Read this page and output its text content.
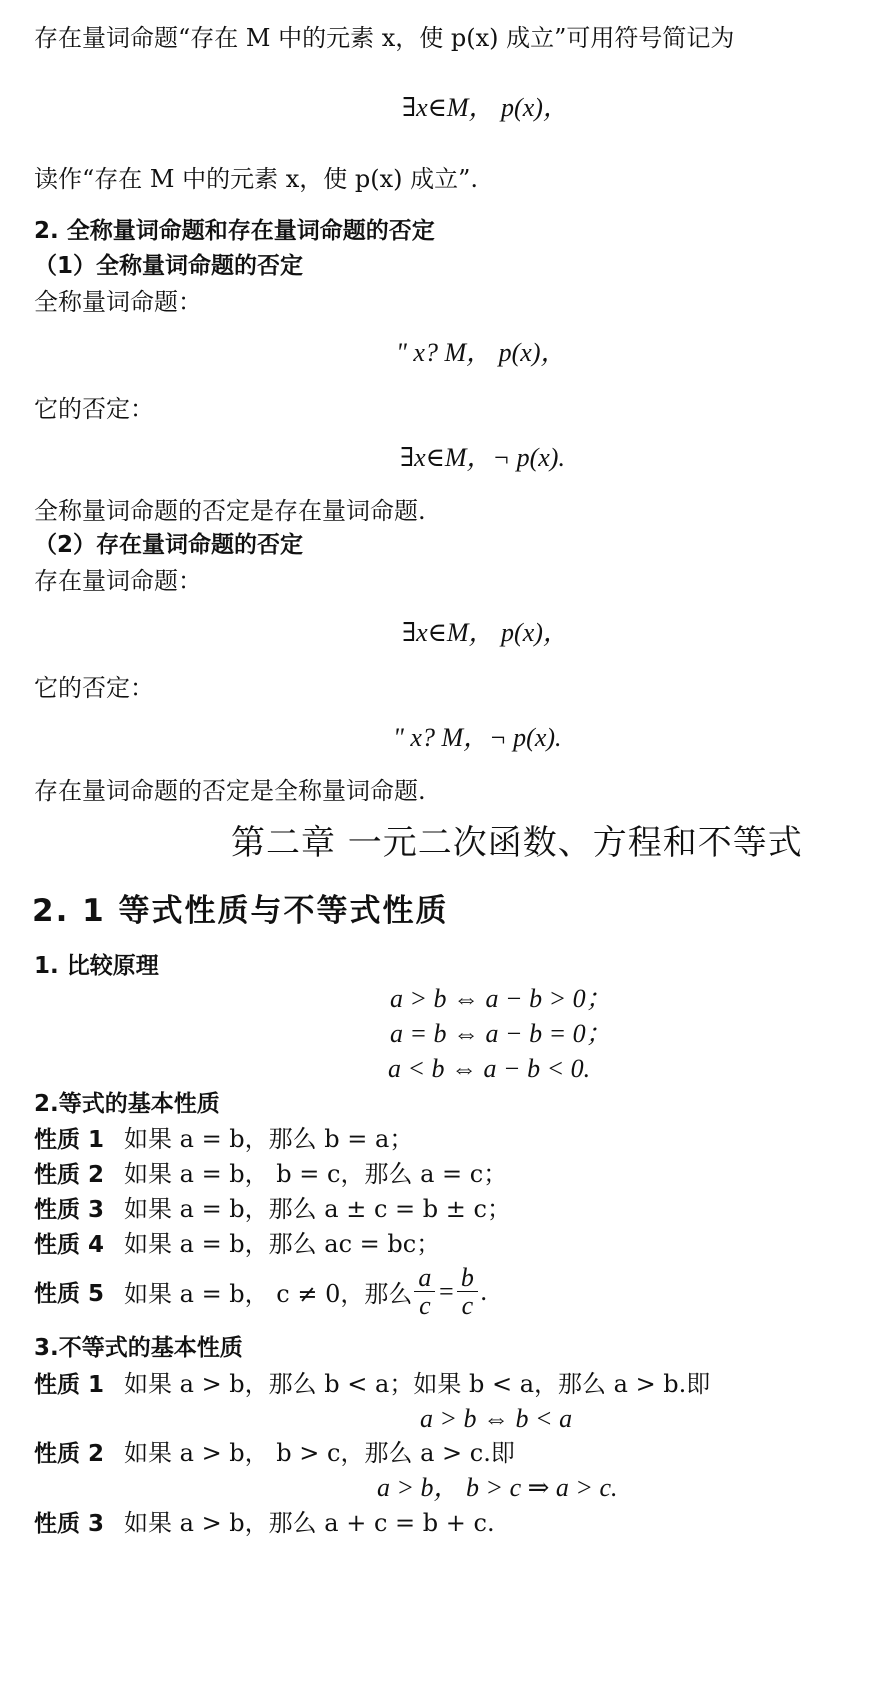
存在量词命题“存在 M 中的元素 x，使 p(x) 成立”可用符号简记为
∃x∈M， p(x)，
读作“存在 M 中的元素 x，使 p(x) 成立”.
2. 全称量词命题和存在量词命题的否定
（1）全称量词命题的否定
全称量词命题：
" x? M， p(x)，
它的否定：
∃x∈M，¬ p(x).
全称量词命题的否定是存在量词命题.
（2）存在量词命题的否定
存在量词命题：
∃x∈M， p(x)，
它的否定：
" x? M，¬ p(x).
存在量词命题的否定是全称量词命题.
第二章 一元二次函数、方程和不等式
2. 1 等式性质与不等式性质
1. 比较原理
a > b ⇔ a − b > 0；
a = b ⇔ a − b = 0；
a < b ⇔ a − b < 0.
2.等式的基本性质
性质 1 如果 a = b，那么 b = a；
性质 2 如果 a = b， b = c，那么 a = c；
性质 3 如果 a = b，那么 a ± c = b ± c；
性质 4 如果 a = b，那么 ac = bc；
性质 5 如果 a = b， c ≠ 0，那么 $\frac{a}{c} = \frac{b}{c}$ .
3.不等式的基本性质
性质 1 如果 a > b，那么 b < a；如果 b < a，那么 a > b.即
a > b ⇔ b < a
性质 2 如果 a > b， b > c，那么 a > c.即
a > b， b > c ⇒ a > c.
性质 3 如果 a > b，那么 a + c = b + c.
